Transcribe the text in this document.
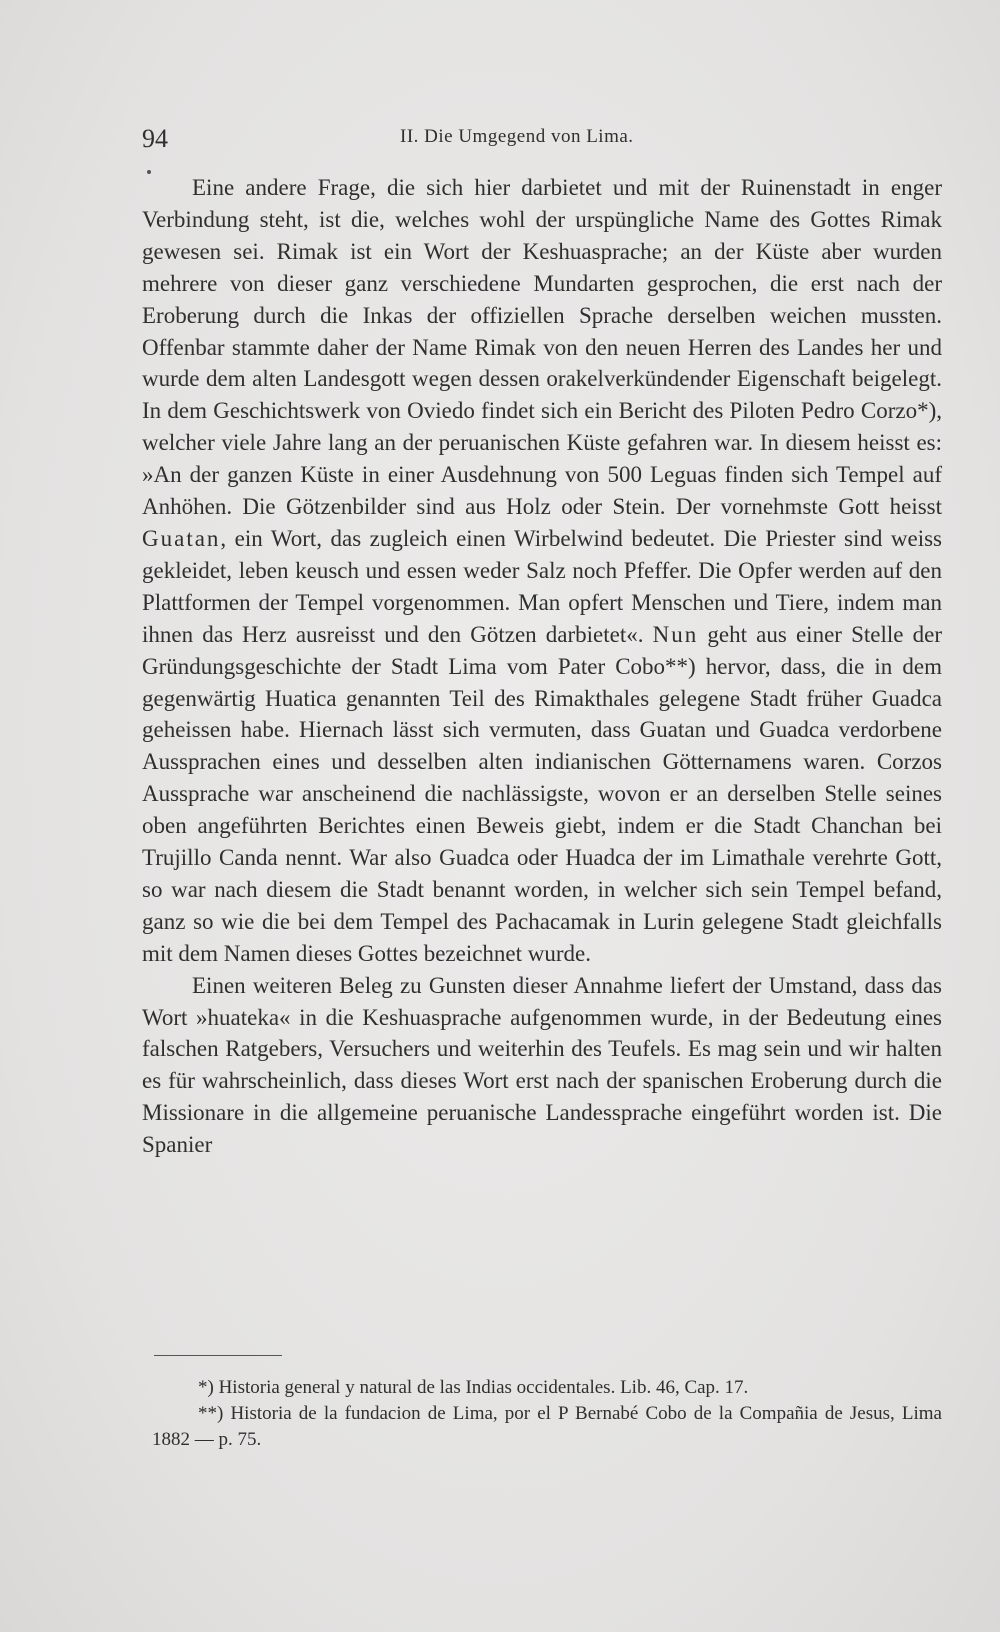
94	II. Die Umgegend von Lima.

Eine andere Frage, die sich hier darbietet und mit der Ruinenstadt in enger Verbindung steht, ist die, welches wohl der urspüngliche Name des Gottes Rimak gewesen sei. Rimak ist ein Wort der Keshuasprache; an der Küste aber wurden mehrere von dieser ganz verschiedene Mundarten gesprochen, die erst nach der Eroberung durch die Inkas der offiziellen Sprache derselben weichen mussten. Offenbar stammte daher der Name Rimak von den neuen Herren des Landes her und wurde dem alten Landesgott wegen dessen orakelverkündender Eigenschaft beigelegt. In dem Geschichtswerk von Oviedo findet sich ein Bericht des Piloten Pedro Corzo*), welcher viele Jahre lang an der peruanischen Küste gefahren war. In diesem heisst es: »An der ganzen Küste in einer Ausdehnung von 500 Leguas finden sich Tempel auf Anhöhen. Die Götzenbilder sind aus Holz oder Stein. Der vornehmste Gott heisst Guatan, ein Wort, das zugleich einen Wirbelwind bedeutet. Die Priester sind weiss gekleidet, leben keusch und essen weder Salz noch Pfeffer. Die Opfer werden auf den Plattformen der Tempel vorgenommen. Man opfert Menschen und Tiere, indem man ihnen das Herz ausreisst und den Götzen darbietet«. Nun geht aus einer Stelle der Gründungsgeschichte der Stadt Lima vom Pater Cobo**) hervor, dass, die in dem gegenwärtig Huatica genannten Teil des Rimakthales gelegene Stadt früher Guadca geheissen habe. Hiernach lässt sich vermuten, dass Guatan und Guadca verdorbene Aussprachen eines und desselben alten indianischen Götternamens waren. Corzos Aussprache war anscheinend die nachlässigste, wovon er an derselben Stelle seines oben angeführten Berichtes einen Beweis giebt, indem er die Stadt Chanchan bei Trujillo Canda nennt. War also Guadca oder Huadca der im Limathale verehrte Gott, so war nach diesem die Stadt benannt worden, in welcher sich sein Tempel befand, ganz so wie die bei dem Tempel des Pachacamak in Lurin gelegene Stadt gleichfalls mit dem Namen dieses Gottes bezeichnet wurde.

Einen weiteren Beleg zu Gunsten dieser Annahme liefert der Umstand, dass das Wort »huateka« in die Keshuasprache aufgenommen wurde, in der Bedeutung eines falschen Ratgebers, Versuchers und weiterhin des Teufels. Es mag sein und wir halten es für wahrscheinlich, dass dieses Wort erst nach der spanischen Eroberung durch die Missionare in die allgemeine peruanische Landessprache eingeführt worden ist. Die Spanier

*) Historia general y natural de las Indias occidentales. Lib. 46, Cap. 17.

**) Historia de la fundacion de Lima, por el P Bernabé Cobo de la Compañia de Jesus, Lima 1882 — p. 75.
